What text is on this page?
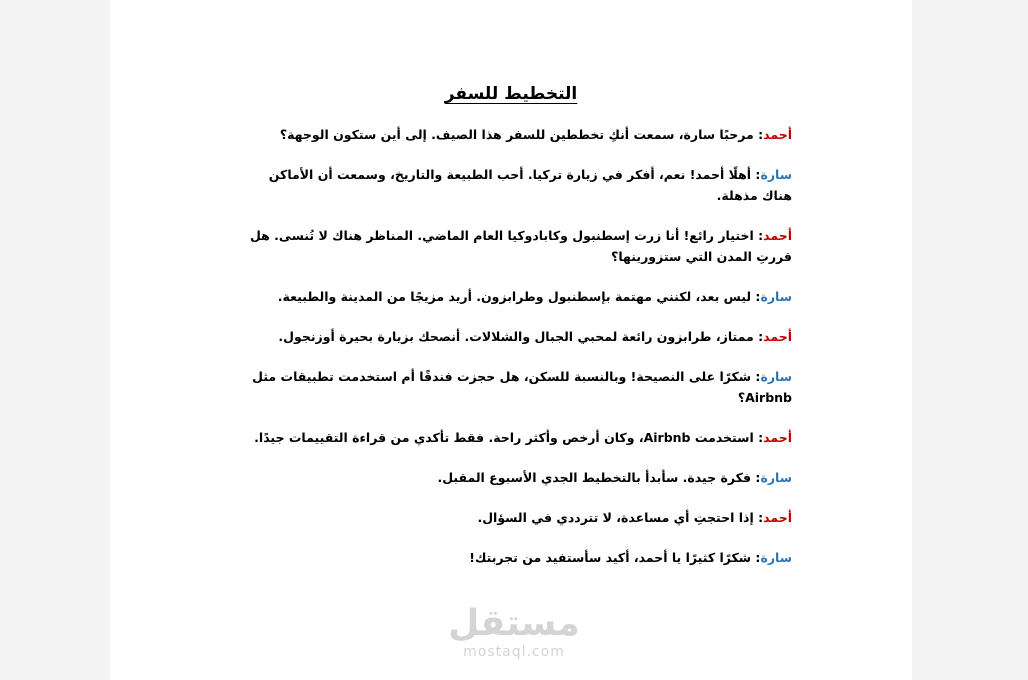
التخطيط للسفر

أحمد: مرحبًا سارة، سمعت أنكِ تخططين للسفر هذا الصيف. إلى أين ستكون الوجهة؟

سارة: أهلًا أحمد! نعم، أفكر في زيارة تركيا. أحب الطبيعة والتاريخ، وسمعت أن الأماكن هناك مذهلة.

أحمد: اختيار رائع! أنا زرت إسطنبول وكابادوكيا العام الماضي. المناظر هناك لا تُنسى. هل قررتِ المدن التي ستزورينها؟

سارة: ليس بعد، لكنني مهتمة بإسطنبول وطرابزون. أريد مزيجًا من المدينة والطبيعة.

أحمد: ممتاز، طرابزون رائعة لمحبي الجبال والشلالات. أنصحك بزيارة بحيرة أوزنجول.

سارة: شكرًا على النصيحة! وبالنسبة للسكن، هل حجزت فندقًا أم استخدمت تطبيقات مثل Airbnb؟

أحمد: استخدمت Airbnb، وكان أرخص وأكثر راحة. فقط تأكدي من قراءة التقييمات جيدًا.

سارة: فكرة جيدة. سأبدأ بالتخطيط الجدي الأسبوع المقبل.

أحمد: إذا احتجتِ أي مساعدة، لا تترددي في السؤال.

سارة: شكرًا كثيرًا يا أحمد، أكيد سأستفيد من تجربتك!

مستقل
mostaql.com
